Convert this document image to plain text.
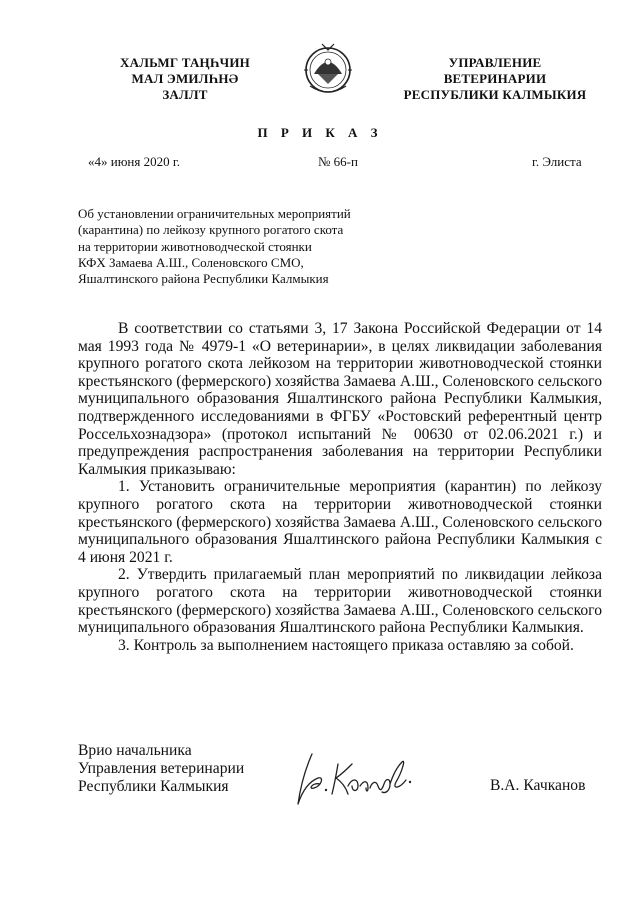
ХАЛЬМГ ТАҢҺЧИН
МАЛ ЭМИЛҺНӘ
ЗАЛЛТ
УПРАВЛЕНИЕ
ВЕТЕРИНАРИИ
РЕСПУБЛИКИ КАЛМЫКИЯ
П Р И К А З
«4» июня 2020 г.	№ 66-п	г. Элиста
Об установлении ограничительных мероприятий
(карантина) по лейкозу крупного рогатого скота
на территории животноводческой стоянки
КФХ Замаева А.Ш., Соленовского СМО,
Яшалтинского района Республики Калмыкия

В соответствии со статьями 3, 17 Закона Российской Федерации от 14 мая 1993 года № 4979-1 «О ветеринарии», в целях ликвидации заболевания крупного рогатого скота лейкозом на территории животноводческой стоянки крестьянского (фермерского) хозяйства Замаева А.Ш., Соленовского сельского муниципального образования Яшалтинского района Республики Калмыкия, подтвержденного исследованиями в ФГБУ «Ростовский референтный центр Россельхознадзора» (протокол испытаний № 00630 от 02.06.2021 г.) и предупреждения распространения заболевания на территории Республики Калмыкия приказываю:

1. Установить ограничительные мероприятия (карантин) по лейкозу крупного рогатого скота на территории животноводческой стоянки крестьянского (фермерского) хозяйства Замаева А.Ш., Соленовского сельского муниципального образования Яшалтинского района Республики Калмыкия с 4 июня 2021 г.

2. Утвердить прилагаемый план мероприятий по ликвидации лейкоза крупного рогатого скота на территории животноводческой стоянки крестьянского (фермерского) хозяйства Замаева А.Ш., Соленовского сельского муниципального образования Яшалтинского района Республики Калмыкия.

3. Контроль за выполнением настоящего приказа оставляю за собой.

Врио начальника
Управления ветеринарии
Республики Калмыкия	В.А. Качканов
